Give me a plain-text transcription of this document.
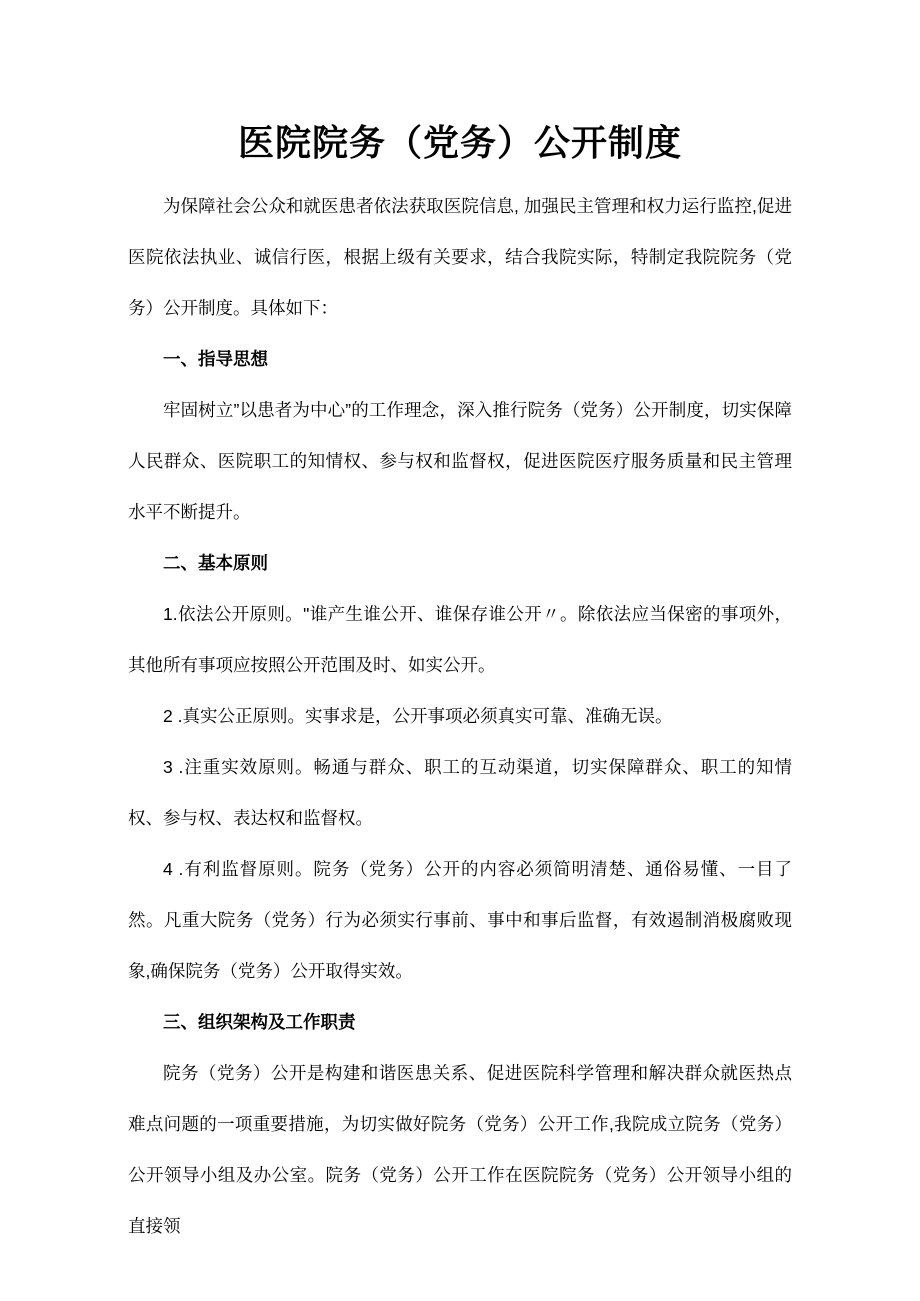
医院院务（党务）公开制度

为保障社会公众和就医患者依法获取医院信息, 加强民主管理和权力运行监控,促进医院依法执业、诚信行医，根据上级有关要求，结合我院实际，特制定我院院务（党务）公开制度。具体如下：

一、指导思想

牢固树立”以患者为中心”的工作理念，深入推行院务（党务）公开制度，切实保障人民群众、医院职工的知情权、参与权和监督权，促进医院医疗服务质量和民主管理水平不断提升。

二、基本原则

1.依法公开原则。"谁产生谁公开、谁保存谁公开〃。除依法应当保密的事项外，其他所有事项应按照公开范围及时、如实公开。

2 .真实公正原则。实事求是，公开事项必须真实可靠、准确无误。

3 .注重实效原则。畅通与群众、职工的互动渠道，切实保障群众、职工的知情权、参与权、表达权和监督权。

4 .有利监督原则。院务（党务）公开的内容必须简明清楚、通俗易懂、一目了然。凡重大院务（党务）行为必须实行事前、事中和事后监督，有效遏制消极腐败现象,确保院务（党务）公开取得实效。

三、组织架构及工作职责

院务（党务）公开是构建和谐医患关系、促进医院科学管理和解决群众就医热点难点问题的一项重要措施，为切实做好院务（党务）公开工作,我院成立院务（党务）公开领导小组及办公室。院务（党务）公开工作在医院院务（党务）公开领导小组的直接领
